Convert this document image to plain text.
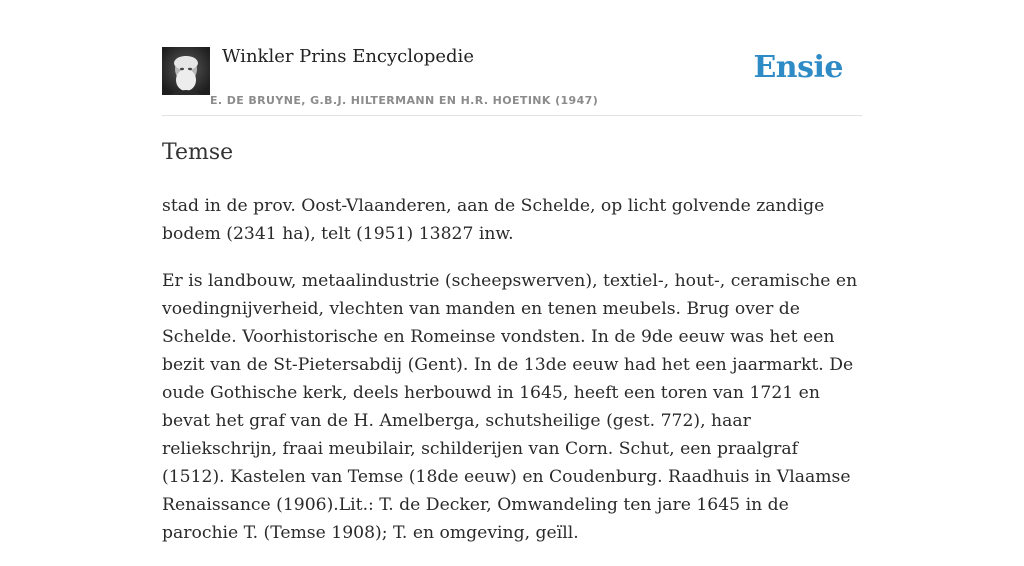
Winkler Prins Encyclopedie
E. DE BRUYNE, G.B.J. HILTERMANN EN H.R. HOETINK (1947)
Ensie
Temse

stad in de prov. Oost-Vlaanderen, aan de Schelde, op licht golvende zandige bodem (2341 ha), telt (1951) 13827 inw.

Er is landbouw, metaalindustrie (scheepswerven), textiel-, hout-, ceramische en voedingnijverheid, vlechten van manden en tenen meubels. Brug over de Schelde. Voorhistorische en Romeinse vondsten. In de 9de eeuw was het een bezit van de St-Pietersabdij (Gent). In de 13de eeuw had het een jaarmarkt. De oude Gothische kerk, deels herbouwd in 1645, heeft een toren van 1721 en bevat het graf van de H. Amelberga, schutsheilige (gest. 772), haar reliekschrijn, fraai meubilair, schilderijen van Corn. Schut, een praalgraf (1512). Kastelen van Temse (18de eeuw) en Coudenburg. Raadhuis in Vlaamse Renaissance (1906).Lit.: T. de Decker, Omwandeling ten jare 1645 in de parochie T. (Temse 1908); T. en omgeving, geïll.
